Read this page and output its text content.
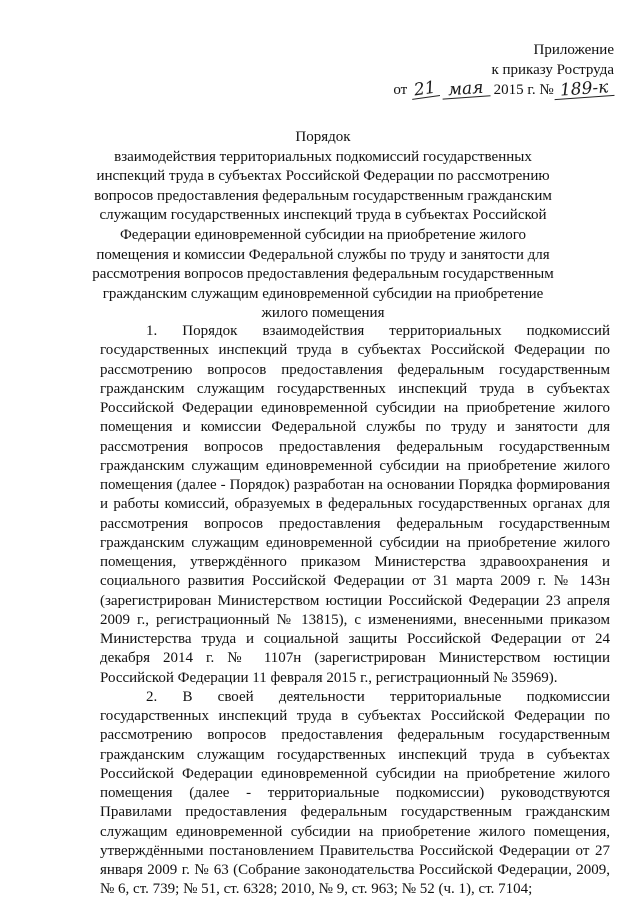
Приложение
к приказу Роструда
от 21 мая 2015 г. № 189-к
Порядок
взаимодействия территориальных подкомиссий государственных инспекций труда в субъектах Российской Федерации по рассмотрению вопросов предоставления федеральным государственным гражданским служащим государственных инспекций труда в субъектах Российской Федерации единовременной субсидии на приобретение жилого помещения и комиссии Федеральной службы по труду и занятости для рассмотрения вопросов предоставления федеральным государственным гражданским служащим единовременной субсидии на приобретение жилого помещения

1. Порядок взаимодействия территориальных подкомиссий государственных инспекций труда в субъектах Российской Федерации по рассмотрению вопросов предоставления федеральным государственным гражданским служащим государственных инспекций труда в субъектах Российской Федерации единовременной субсидии на приобретение жилого помещения и комиссии Федеральной службы по труду и занятости для рассмотрения вопросов предоставления федеральным государственным гражданским служащим единовременной субсидии на приобретение жилого помещения (далее - Порядок) разработан на основании Порядка формирования и работы комиссий, образуемых в федеральных государственных органах для рассмотрения вопросов предоставления федеральным государственным гражданским служащим единовременной субсидии на приобретение жилого помещения, утверждённого приказом Министерства здравоохранения и социального развития Российской Федерации от 31 марта 2009 г. № 143н (зарегистрирован Министерством юстиции Российской Федерации 23 апреля 2009 г., регистрационный № 13815), с изменениями, внесенными приказом Министерства труда и социальной защиты Российской Федерации от 24 декабря 2014 г. № 1107н (зарегистрирован Министерством юстиции Российской Федерации 11 февраля 2015 г., регистрационный № 35969).

2. В своей деятельности территориальные подкомиссии государственных инспекций труда в субъектах Российской Федерации по рассмотрению вопросов предоставления федеральным государственным гражданским служащим государственных инспекций труда в субъектах Российской Федерации единовременной субсидии на приобретение жилого помещения (далее - территориальные подкомиссии) руководствуются Правилами предоставления федеральным государственным гражданским служащим единовременной субсидии на приобретение жилого помещения, утверждёнными постановлением Правительства Российской Федерации от 27 января 2009 г. № 63 (Собрание законодательства Российской Федерации, 2009, № 6, ст. 739; № 51, ст. 6328; 2010, № 9, ст. 963; № 52 (ч. 1), ст. 7104;
